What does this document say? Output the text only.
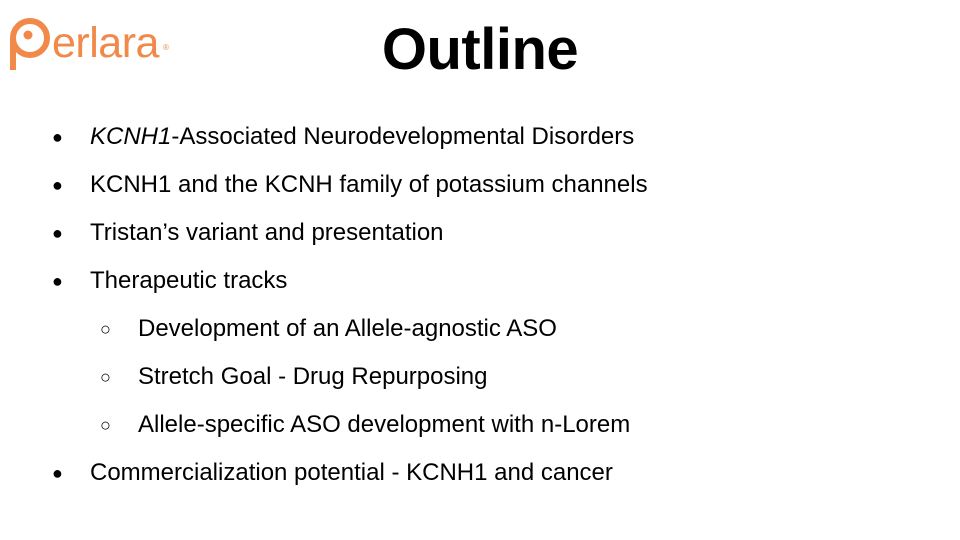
erlara ®	Outline
● KCNH1-Associated Neurodevelopmental Disorders
● KCNH1 and the KCNH family of potassium channels
● Tristan’s variant and presentation
● Therapeutic tracks
○ Development of an Allele-agnostic ASO
○ Stretch Goal - Drug Repurposing
○ Allele-specific ASO development with n-Lorem
● Commercialization potential - KCNH1 and cancer
